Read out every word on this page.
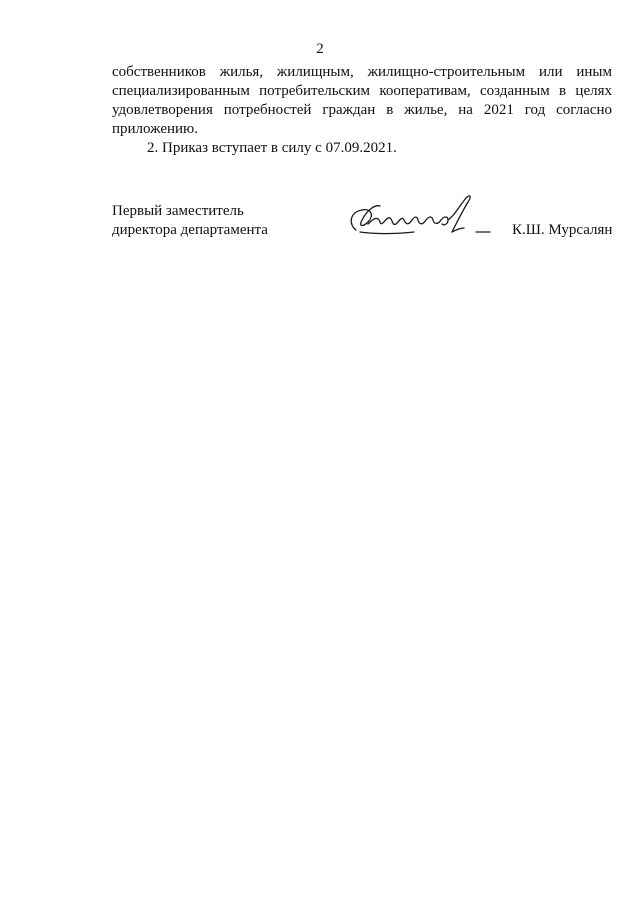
2
собственников жилья, жилищным, жилищно-строительным или иным
специализированным потребительским кооперативам, созданным в целях
удовлетворения потребностей граждан в жилье, на 2021 год согласно
приложению.
2. Приказ вступает в силу с 07.09.2021.
Первый заместитель
директора департамента	К.Ш. Мурсалян
